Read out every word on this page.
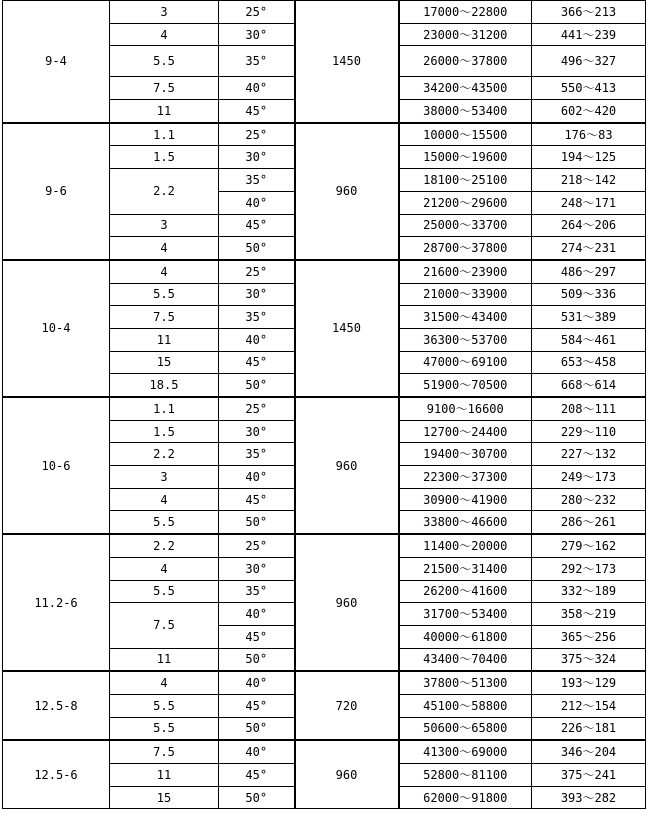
9-4	3	25°	1450	17000～22800	366～213
	4	30°		23000～31200	441～239
	5.5	35°		26000～37800	496～327
	7.5	40°		34200～43500	550～413
	11	45°		38000～53400	602～420
9-6	1.1	25°	960	10000～15500	176～83
	1.5	30°		15000～19600	194～125
	2.2	35°		18100～25100	218～142
		40°		21200～29600	248～171
	3	45°		25000～33700	264～206
	4	50°		28700～37800	274～231
10-4	4	25°	1450	21600～23900	486～297
	5.5	30°		21000～33900	509～336
	7.5	35°		31500～43400	531～389
	11	40°		36300～53700	584～461
	15	45°		47000～69100	653～458
	18.5	50°		51900～70500	668～614
10-6	1.1	25°	960	9100～16600	208～111
	1.5	30°		12700～24400	229～110
	2.2	35°		19400～30700	227～132
	3	40°		22300～37300	249～173
	4	45°		30900～41900	280～232
	5.5	50°		33800～46600	286～261
11.2-6	2.2	25°	960	11400～20000	279～162
	4	30°		21500～31400	292～173
	5.5	35°		26200～41600	332～189
	7.5	40°		31700～53400	358～219
		45°		40000～61800	365～256
	11	50°		43400～70400	375～324
12.5-8	4	40°	720	37800～51300	193～129
	5.5	45°		45100～58800	212～154
	5.5	50°		50600～65800	226～181
12.5-6	7.5	40°	960	41300～69000	346～204
	11	45°		52800～81100	375～241
	15	50°		62000～91800	393～282
